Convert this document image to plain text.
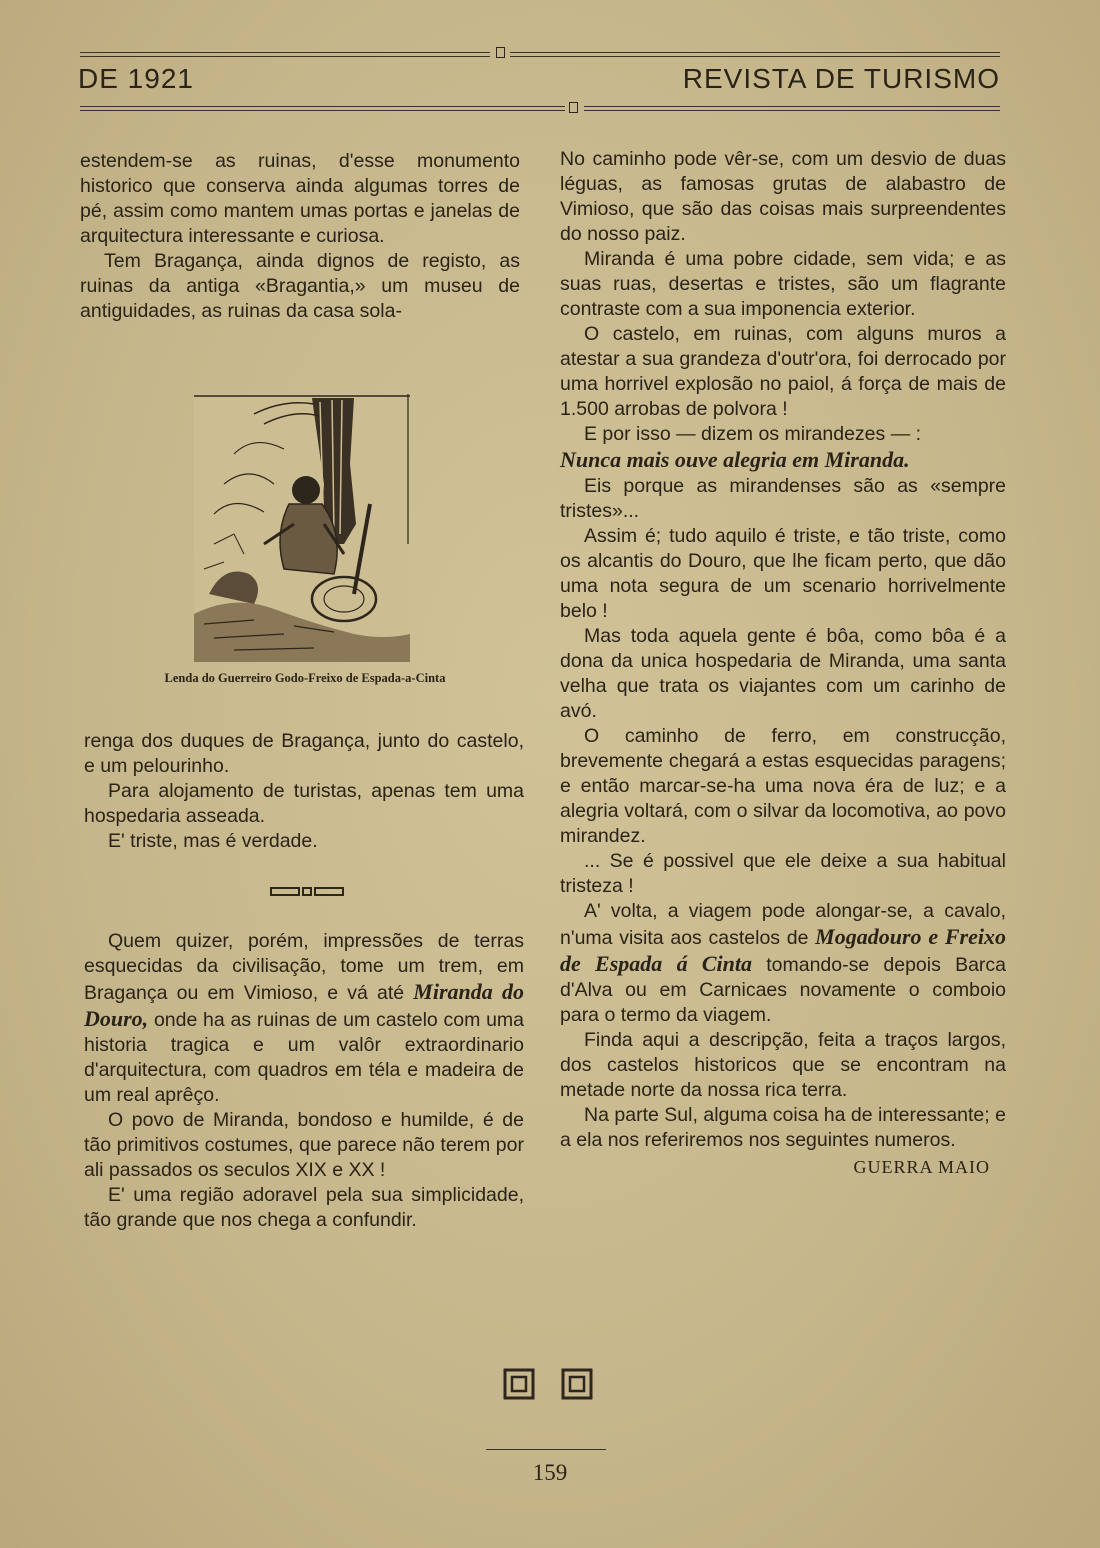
DE 1921	REVISTA DE TURISMO

estendem-se as ruinas, d'esse monumento historico que conserva ainda algumas torres de pé, assim como mantem umas portas e janelas de arquitectura interessante e curiosa.

Tem Bragança, ainda dignos de registo, as ruinas da antiga «Bragantia,» um museu de antiguidades, as ruinas da casa sola-

Lenda do Guerreiro Godo-Freixo de Espada-a-Cinta

renga dos duques de Bragança, junto do castelo, e um pelourinho.

Para alojamento de turistas, apenas tem uma hospedaria asseada.

E' triste, mas é verdade.

Quem quizer, porém, impressões de terras esquecidas da civilisação, tome um trem, em Bragança ou em Vimioso, e vá até Miranda do Douro, onde ha as ruinas de um castelo com uma historia tragica e um valôr extraordinario d'arquitectura, com quadros em téla e madeira de um real aprêço.

O povo de Miranda, bondoso e humilde, é de tão primitivos costumes, que parece não terem por ali passados os seculos XIX e XX !

E' uma região adoravel pela sua simplicidade, tão grande que nos chega a confundir.

No caminho pode vêr-se, com um desvio de duas léguas, as famosas grutas de alabastro de Vimioso, que são das coisas mais surpreendentes do nosso paiz.

Miranda é uma pobre cidade, sem vida; e as suas ruas, desertas e tristes, são um flagrante contraste com a sua imponencia exterior.

O castelo, em ruinas, com alguns muros a atestar a sua grandeza d'outr'ora, foi derrocado por uma horrivel explosão no paiol, á força de mais de 1.500 arrobas de polvora !

E por isso — dizem os mirandezes — :

Nunca mais ouve alegria em Miranda.

Eis porque as mirandenses são as «sempre tristes»...

Assim é; tudo aquilo é triste, e tão triste, como os alcantis do Douro, que lhe ficam perto, que dão uma nota segura de um scenario horrivelmente belo !

Mas toda aquela gente é bôa, como bôa é a dona da unica hospedaria de Miranda, uma santa velha que trata os viajantes com um carinho de avó.

O caminho de ferro, em construcção, brevemente chegará a estas esquecidas paragens; e então marcar-se-ha uma nova éra de luz; e a alegria voltará, com o silvar da locomotiva, ao povo mirandez.

... Se é possivel que ele deixe a sua habitual tristeza !

A' volta, a viagem pode alongar-se, a cavalo, n'uma visita aos castelos de Mogadouro e Freixo de Espada á Cinta tomando-se depois Barca d'Alva ou em Carnicaes novamente o comboio para o termo da viagem.

Finda aqui a descripção, feita a traços largos, dos castelos historicos que se encontram na metade norte da nossa rica terra.

Na parte Sul, alguma coisa ha de interessante; e a ela nos referiremos nos seguintes numeros.

GUERRA MAIO
159
